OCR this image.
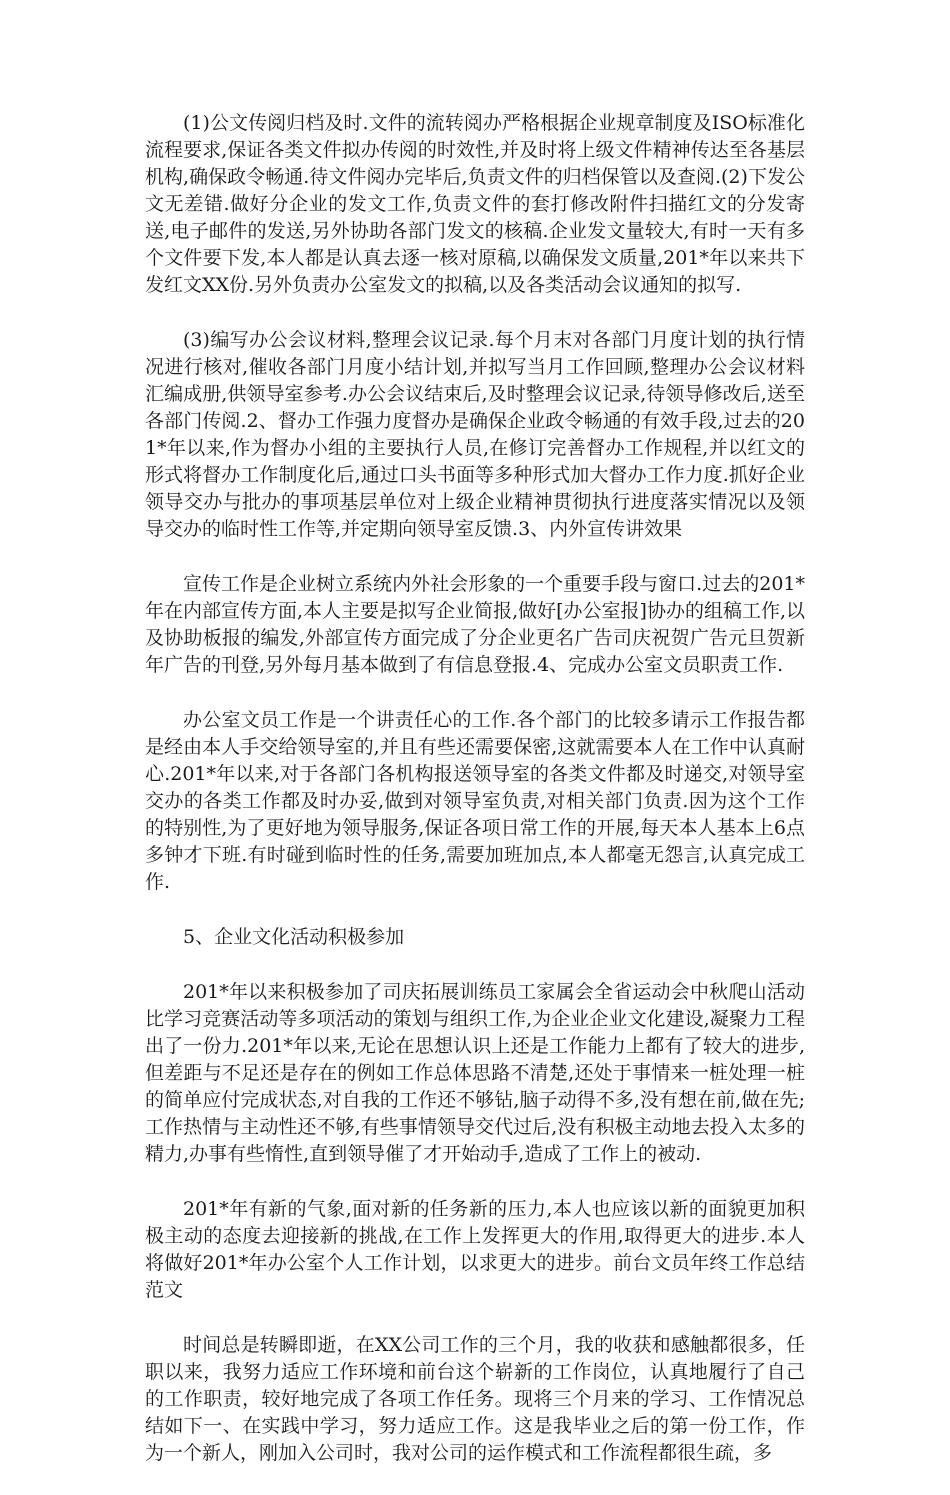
(1)公文传阅归档及时.文件的流转阅办严格根据企业规章制度及ISO标准化流程要求,保证各类文件拟办传阅的时效性,并及时将上级文件精神传达至各基层机构,确保政令畅通.待文件阅办完毕后,负责文件的归档保管以及查阅.(2)下发公文无差错.做好分企业的发文工作,负责文件的套打修改附件扫描红文的分发寄送,电子邮件的发送,另外协助各部门发文的核稿.企业发文量较大,有时一天有多个文件要下发,本人都是认真去逐一核对原稿,以确保发文质量,201*年以来共下发红文XX份.另外负责办公室发文的拟稿,以及各类活动会议通知的拟写.

(3)编写办公会议材料,整理会议记录.每个月末对各部门月度计划的执行情况进行核对,催收各部门月度小结计划,并拟写当月工作回顾,整理办公会议材料汇编成册,供领导室参考.办公会议结束后,及时整理会议记录,待领导修改后,送至各部门传阅.2、督办工作强力度督办是确保企业政令畅通的有效手段,过去的201*年以来,作为督办小组的主要执行人员,在修订完善督办工作规程,并以红文的形式将督办工作制度化后,通过口头书面等多种形式加大督办工作力度.抓好企业领导交办与批办的事项基层单位对上级企业精神贯彻执行进度落实情况以及领导交办的临时性工作等,并定期向领导室反馈.3、内外宣传讲效果

宣传工作是企业树立系统内外社会形象的一个重要手段与窗口.过去的201*年在内部宣传方面,本人主要是拟写企业简报,做好[办公室报]协办的组稿工作,以及协助板报的编发,外部宣传方面完成了分企业更名广告司庆祝贺广告元旦贺新年广告的刊登,另外每月基本做到了有信息登报.4、完成办公室文员职责工作.

办公室文员工作是一个讲责任心的工作.各个部门的比较多请示工作报告都是经由本人手交给领导室的,并且有些还需要保密,这就需要本人在工作中认真耐心.201*年以来,对于各部门各机构报送领导室的各类文件都及时递交,对领导室交办的各类工作都及时办妥,做到对领导室负责,对相关部门负责.因为这个工作的特别性,为了更好地为领导服务,保证各项日常工作的开展,每天本人基本上6点多钟才下班.有时碰到临时性的任务,需要加班加点,本人都毫无怨言,认真完成工作.

5、企业文化活动积极参加

201*年以来积极参加了司庆拓展训练员工家属会全省运动会中秋爬山活动比学习竞赛活动等多项活动的策划与组织工作,为企业企业文化建设,凝聚力工程出了一份力.201*年以来,无论在思想认识上还是工作能力上都有了较大的进步,但差距与不足还是存在的例如工作总体思路不清楚,还处于事情来一桩处理一桩的简单应付完成状态,对自我的工作还不够钻,脑子动得不多,没有想在前,做在先;工作热情与主动性还不够,有些事情领导交代过后,没有积极主动地去投入太多的精力,办事有些惰性,直到领导催了才开始动手,造成了工作上的被动.

201*年有新的气象,面对新的任务新的压力,本人也应该以新的面貌更加积极主动的态度去迎接新的挑战,在工作上发挥更大的作用,取得更大的进步.本人将做好201*年办公室个人工作计划，以求更大的进步。前台文员年终工作总结范文

时间总是转瞬即逝，在XX公司工作的三个月，我的收获和感触都很多，任职以来，我努力适应工作环境和前台这个崭新的工作岗位，认真地履行了自己的工作职责，较好地完成了各项工作任务。现将三个月来的学习、工作情况总结如下一、在实践中学习，努力适应工作。这是我毕业之后的第一份工作，作为一个新人，刚加入公司时，我对公司的运作模式和工作流程都很生疏，多
